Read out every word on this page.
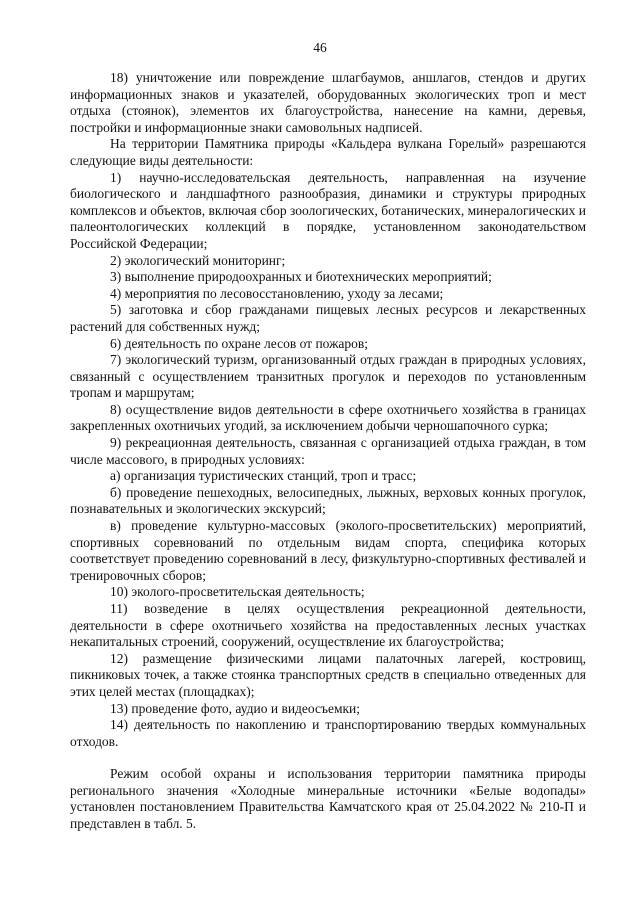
46

18) уничтожение или повреждение шлагбаумов, аншлагов, стендов и других информационных знаков и указателей, оборудованных экологических троп и мест отдыха (стоянок), элементов их благоустройства, нанесение на камни, деревья, постройки и информационные знаки самовольных надписей.

На территории Памятника природы «Кальдера вулкана Горелый» разрешаются следующие виды деятельности:

1) научно-исследовательская деятельность, направленная на изучение биологического и ландшафтного разнообразия, динамики и структуры природных комплексов и объектов, включая сбор зоологических, ботанических, минералогических и палеонтологических коллекций в порядке, установленном законодательством Российской Федерации;

2) экологический мониторинг;

3) выполнение природоохранных и биотехнических мероприятий;

4) мероприятия по лесовосстановлению, уходу за лесами;

5) заготовка и сбор гражданами пищевых лесных ресурсов и лекарственных растений для собственных нужд;

6) деятельность по охране лесов от пожаров;

7) экологический туризм, организованный отдых граждан в природных условиях, связанный с осуществлением транзитных прогулок и переходов по установленным тропам и маршрутам;

8) осуществление видов деятельности в сфере охотничьего хозяйства в границах закрепленных охотничьих угодий, за исключением добычи черношапочного сурка;

9) рекреационная деятельность, связанная с организацией отдыха граждан, в том числе массового, в природных условиях:

а) организация туристических станций, троп и трасс;

б) проведение пешеходных, велосипедных, лыжных, верховых конных прогулок, познавательных и экологических экскурсий;

в) проведение культурно-массовых (эколого-просветительских) мероприятий, спортивных соревнований по отдельным видам спорта, специфика которых соответствует проведению соревнований в лесу, физкультурно-спортивных фестивалей и тренировочных сборов;

10) эколого-просветительская деятельность;

11) возведение в целях осуществления рекреационной деятельности, деятельности в сфере охотничьего хозяйства на предоставленных лесных участках некапитальных строений, сооружений, осуществление их благоустройства;

12) размещение физическими лицами палаточных лагерей, костровищ, пикниковых точек, а также стоянка транспортных средств в специально отведенных для этих целей местах (площадках);

13) проведение фото, аудио и видеосъемки;

14) деятельность по накоплению и транспортированию твердых коммунальных отходов.

Режим особой охраны и использования территории памятника природы регионального значения «Холодные минеральные источники «Белые водопады» установлен постановлением Правительства Камчатского края от 25.04.2022 № 210-П и представлен в табл. 5.
